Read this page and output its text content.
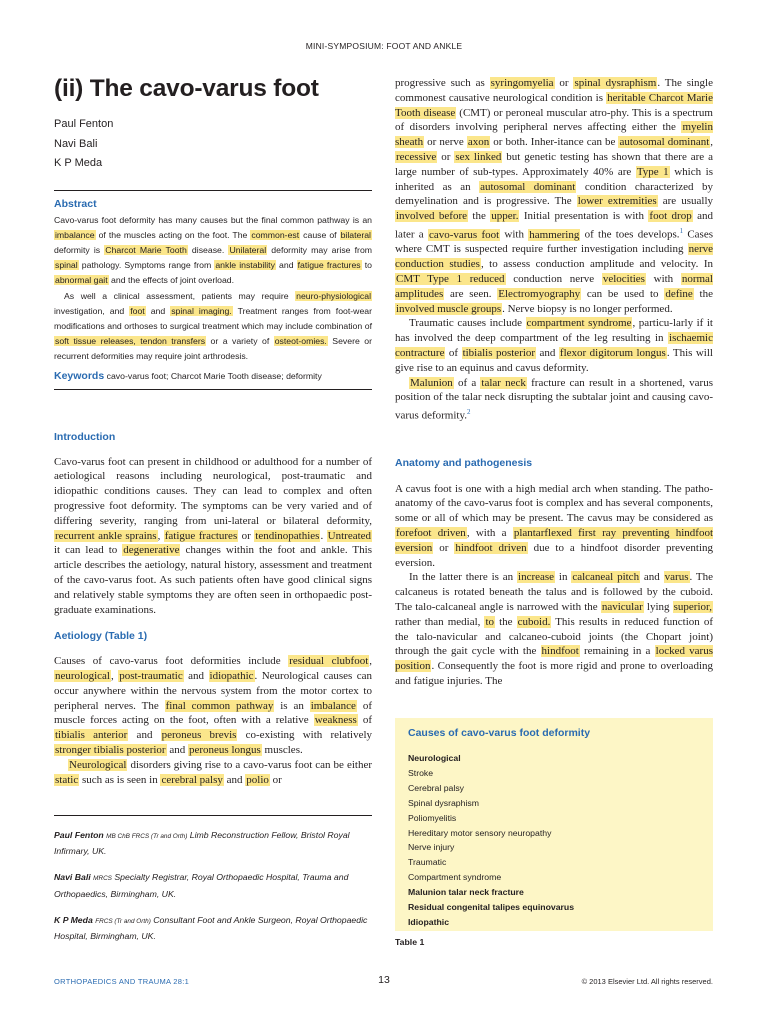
MINI-SYMPOSIUM: FOOT AND ANKLE
(ii) The cavo-varus foot

Paul Fenton

Navi Bali

K P Meda

Abstract

Cavo-varus foot deformity has many causes but the final common pathway is an imbalance of the muscles acting on the foot. The common-est cause of bilateral deformity is Charcot Marie Tooth disease. Unilateral deformity may arise from spinal pathology. Symptoms range from ankle instability and fatigue fractures to abnormal gait and the effects of joint overload.

As well a clinical assessment, patients may require neuro-physiological investigation, and foot and spinal imaging. Treatment ranges from foot-wear modifications and orthoses to surgical treatment which may include combination of soft tissue releases, tendon transfers or a variety of osteot-omies. Severe or recurrent deformities may require joint arthrodesis.

Keywords cavo-varus foot; Charcot Marie Tooth disease; deformity

Introduction

Cavo-varus foot can present in childhood or adulthood for a number of aetiological reasons including neurological, post-traumatic and idiopathic conditions causes. They can lead to complex and often progressive foot deformity. The symptoms can be very varied and of differing severity, ranging from uni-lateral or bilateral deformity, recurrent ankle sprains, fatigue fractures or tendinopathies. Untreated it can lead to degenerative changes within the foot and ankle. This article describes the aetiology, natural history, assessment and treatment of the cavo-varus foot. As such patients often have good clinical signs and relatively stable symptoms they are often seen in orthopaedic post-graduate examinations.

Aetiology (Table 1)

Causes of cavo-varus foot deformities include residual clubfoot, neurological, post-traumatic and idiopathic. Neurological causes can occur anywhere within the nervous system from the motor cortex to peripheral nerves. The final common pathway is an imbalance of muscle forces acting on the foot, often with a relative weakness of tibialis anterior and peroneus brevis co-existing with relatively stronger tibialis posterior and peroneus longus muscles.

Neurological disorders giving rise to a cavo-varus foot can be either static such as is seen in cerebral palsy and polio or

Paul Fenton MB ChB FRCS (Tr and Orth) Limb Reconstruction Fellow, Bristol Royal Infirmary, UK.

Navi Bali MRCS Specialty Registrar, Royal Orthopaedic Hospital, Trauma and Orthopaedics, Birmingham, UK.

K P Meda FRCS (Tr and Orth) Consultant Foot and Ankle Surgeon, Royal Orthopaedic Hospital, Birmingham, UK.

progressive such as syringomyelia or spinal dysraphism. The single commonest causative neurological condition is heritable Charcot Marie Tooth disease (CMT) or peroneal muscular atro-phy. This is a spectrum of disorders involving peripheral nerves affecting either the myelin sheath or nerve axon or both. Inher-itance can be autosomal dominant, recessive or sex linked but genetic testing has shown that there are a large number of sub-types. Approximately 40% are Type 1 which is inherited as an autosomal dominant condition characterized by demyelination and is progressive. The lower extremities are usually involved before the upper. Initial presentation is with foot drop and later a cavo-varus foot with hammering of the toes develops.$^1$ Cases where CMT is suspected require further investigation including nerve conduction studies, to assess conduction amplitude and velocity. In CMT Type 1 reduced conduction nerve velocities with normal amplitudes are seen. Electromyography can be used to define the involved muscle groups. Nerve biopsy is no longer performed.

Traumatic causes include compartment syndrome, particu-larly if it has involved the deep compartment of the leg resulting in ischaemic contracture of tibialis posterior and flexor digitorum longus. This will give rise to an equinus and cavus deformity.

Malunion of a talar neck fracture can result in a shortened, varus position of the talar neck disrupting the subtalar joint and causing cavo-varus deformity.$^2$

Anatomy and pathogenesis

A cavus foot is one with a high medial arch when standing. The patho-anatomy of the cavo-varus foot is complex and has several components, some or all of which may be present. The cavus may be considered as forefoot driven, with a plantarflexed first ray preventing hindfoot eversion or hindfoot driven due to a hindfoot disorder preventing eversion.

In the latter there is an increase in calcaneal pitch and varus. The calcaneus is rotated beneath the talus and is followed by the cuboid. The talo-calcaneal angle is narrowed with the navicular lying superior, rather than medial, to the cuboid. This results in reduced function of the talo-navicular and calcaneo-cuboid joints (the Chopart joint) through the gait cycle with the hindfoot remaining in a locked varus position. Consequently the foot is more rigid and prone to overloading and fatigue injuries. The

Causes of cavo-varus foot deformity

Neurological
Stroke
Cerebral palsy
Spinal dysraphism
Poliomyelitis
Hereditary motor sensory neuropathy
Nerve injury
Traumatic
Compartment syndrome
Malunion talar neck fracture
Residual congenital talipes equinovarus
Idiopathic
Table 1
ORTHOPAEDICS AND TRAUMA 28:1	13	© 2013 Elsevier Ltd. All rights reserved.
